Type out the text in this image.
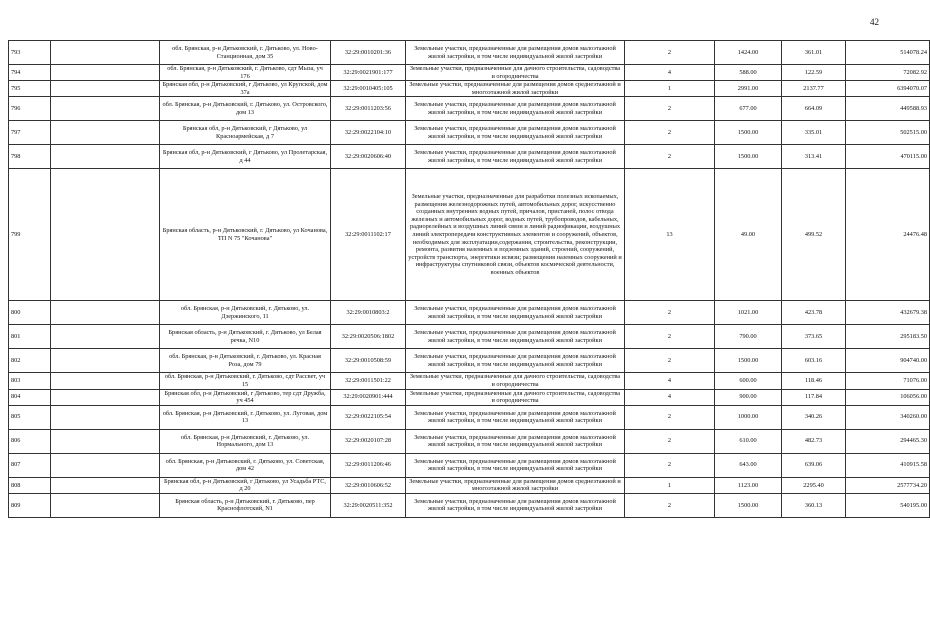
42
793		обл. Брянская, р-н Дятьковский, г. Дятьково, ул. Ново-Станционная, дом 35	32:29:0010201:36	Земельные участки, предназначенные для размещения домов малоэтажной жилой застройки, в том числе индивидуальной жилой застройки	2	1424.00	361.01	514078.24
794		обл. Брянская, р-н Дятьковский, г. Дятьково, сдт Мыза, уч 176	32:29:0021901:177	Земельные участки, предназначенные для дачного строительства, садоводства и огородничества	4	588.00	122.59	72082.92
795		Брянская обл, р-н Дятьковский, г Дятьково, ул Крупской, дом 37а	32:29:0010405:105	Земельные участки, предназначенные для размещения домов среднеэтажной и многоэтажной жилой застройки	1	2991.00	2137.77	6394070.07
796		обл. Брянская, р-н Дятьковский, г. Дятьково, ул. Островского, дом 13	32:29:0011203:56	Земельные участки, предназначенные для размещения домов малоэтажной жилой застройки, в том числе индивидуальной жилой застройки	2	677.00	664.09	449588.93
797		Брянская обл, р-н Дятьковский, г Дятьково, ул Красноармейская, д 7	32:29:0022104:10	Земельные участки, предназначенные для размещения домов малоэтажной жилой застройки, в том числе индивидуальной жилой застройки	2	1500.00	335.01	502515.00
798		Брянская обл, р-н Дятьковский, г Дятьково, ул Пролетарская, д 44	32:29:0020606:40	Земельные участки, предназначенные для размещения домов малоэтажной жилой застройки, в том числе индивидуальной жилой застройки	2	1500.00	313.41	470115.00
799		Брянская область, р-н Дятьковский, г. Дятьково, ул Кочанова, ТП N 75 "Кочанова"	32:29:0011102:17	Земельные участки, предназначенные для разработки полезных ископаемых, размещения железнодорожных путей, автомобильных дорог, искусственно созданных внутренних водных путей, причалов, пристаней, полос отвода железных и автомобильных дорог, водных путей, трубопроводов, кабельных, радиорелейных и воздушных линий связи и линий радиофикации, воздушных линий электропередачи конструктивных элементов и сооружений, объектов, необходимых для эксплуатации,содержания, строительства, реконструкции, ремонта, развития наземных и подземных зданий, строений, сооружений, устройств транспорта, энергетики исвязи; размещения наземных сооружений и инфраструктуры спутниковой связи, объектов космической деятельности, военных объектов	13	49.00	499.52	24476.48
800		обл. Брянская, р-н Дятьковский, г. Дятьково, ул. Дзержинского, 11	32:29:0010803:2	Земельные участки, предназначенные для размещения домов малоэтажной жилой застройки, в том числе индивидуальной жилой застройки	2	1021.00	423.78	432679.38
801		Брянская область, р-н Дятьковский, г. Дятьково, ул Белая речка, N10	32:29:0020506:1802	Земельные участки, предназначенные для размещения домов малоэтажной жилой застройки, в том числе индивидуальной жилой застройки	2	790.00	373.65	295183.50
802		обл. Брянская, р-н Дятьковский, г. Дятьково, ул. Красная Роза, дом 79	32:29:0010508:59	Земельные участки, предназначенные для размещения домов малоэтажной жилой застройки, в том числе индивидуальной жилой застройки	2	1500.00	603.16	904740.00
803		обл. Брянская, р-н Дятьковский, г. Дятьково, сдт Рассвет, уч 15	32:29:0011501:22	Земельные участки, предназначенные для дачного строительства, садоводства и огородничества	4	600.00	118.46	71076.00
804		Брянская обл, р-н Дятьковский, г Дятьково, тер сдт Дружба, уч 454	32:29:0020901:444	Земельные участки, предназначенные для дачного строительства, садоводства и огородничества	4	900.00	117.84	106056.00
805		обл. Брянская, р-н Дятьковский, г. Дятьково, ул. Луговая, дом 13	32:29:0022105:54	Земельные участки, предназначенные для размещения домов малоэтажной жилой застройки, в том числе индивидуальной жилой застройки	2	1000.00	340.26	340260.00
806		обл. Брянская, р-н Дятьковский, г. Дятьково, ул. Нормального, дом 13	32:29:0020107:28	Земельные участки, предназначенные для размещения домов малоэтажной жилой застройки, в том числе индивидуальной жилой застройки	2	610.00	482.73	294465.30
807		обл. Брянская, р-н Дятьковский, г. Дятьково, ул. Советская, дом 42	32:29:0011206:46	Земельные участки, предназначенные для размещения домов малоэтажной жилой застройки, в том числе индивидуальной жилой застройки	2	643.00	639.06	410915.58
808		Брянская обл, р-н Дятьковский, г Дятьково, ул Усадьба РТС, д 20	32:29:0010606:52	Земельные участки, предназначенные для размещения домов среднеэтажной и многоэтажной жилой застройки	1	1123.00	2295.40	2577734.20
809		Брянская область, р-н Дятьковский, г. Дятьково, пер Краснофлотский, N1	32:29:0020511:352	Земельные участки, предназначенные для размещения домов малоэтажной жилой застройки, в том числе индивидуальной жилой застройки	2	1500.00	360.13	540195.00
